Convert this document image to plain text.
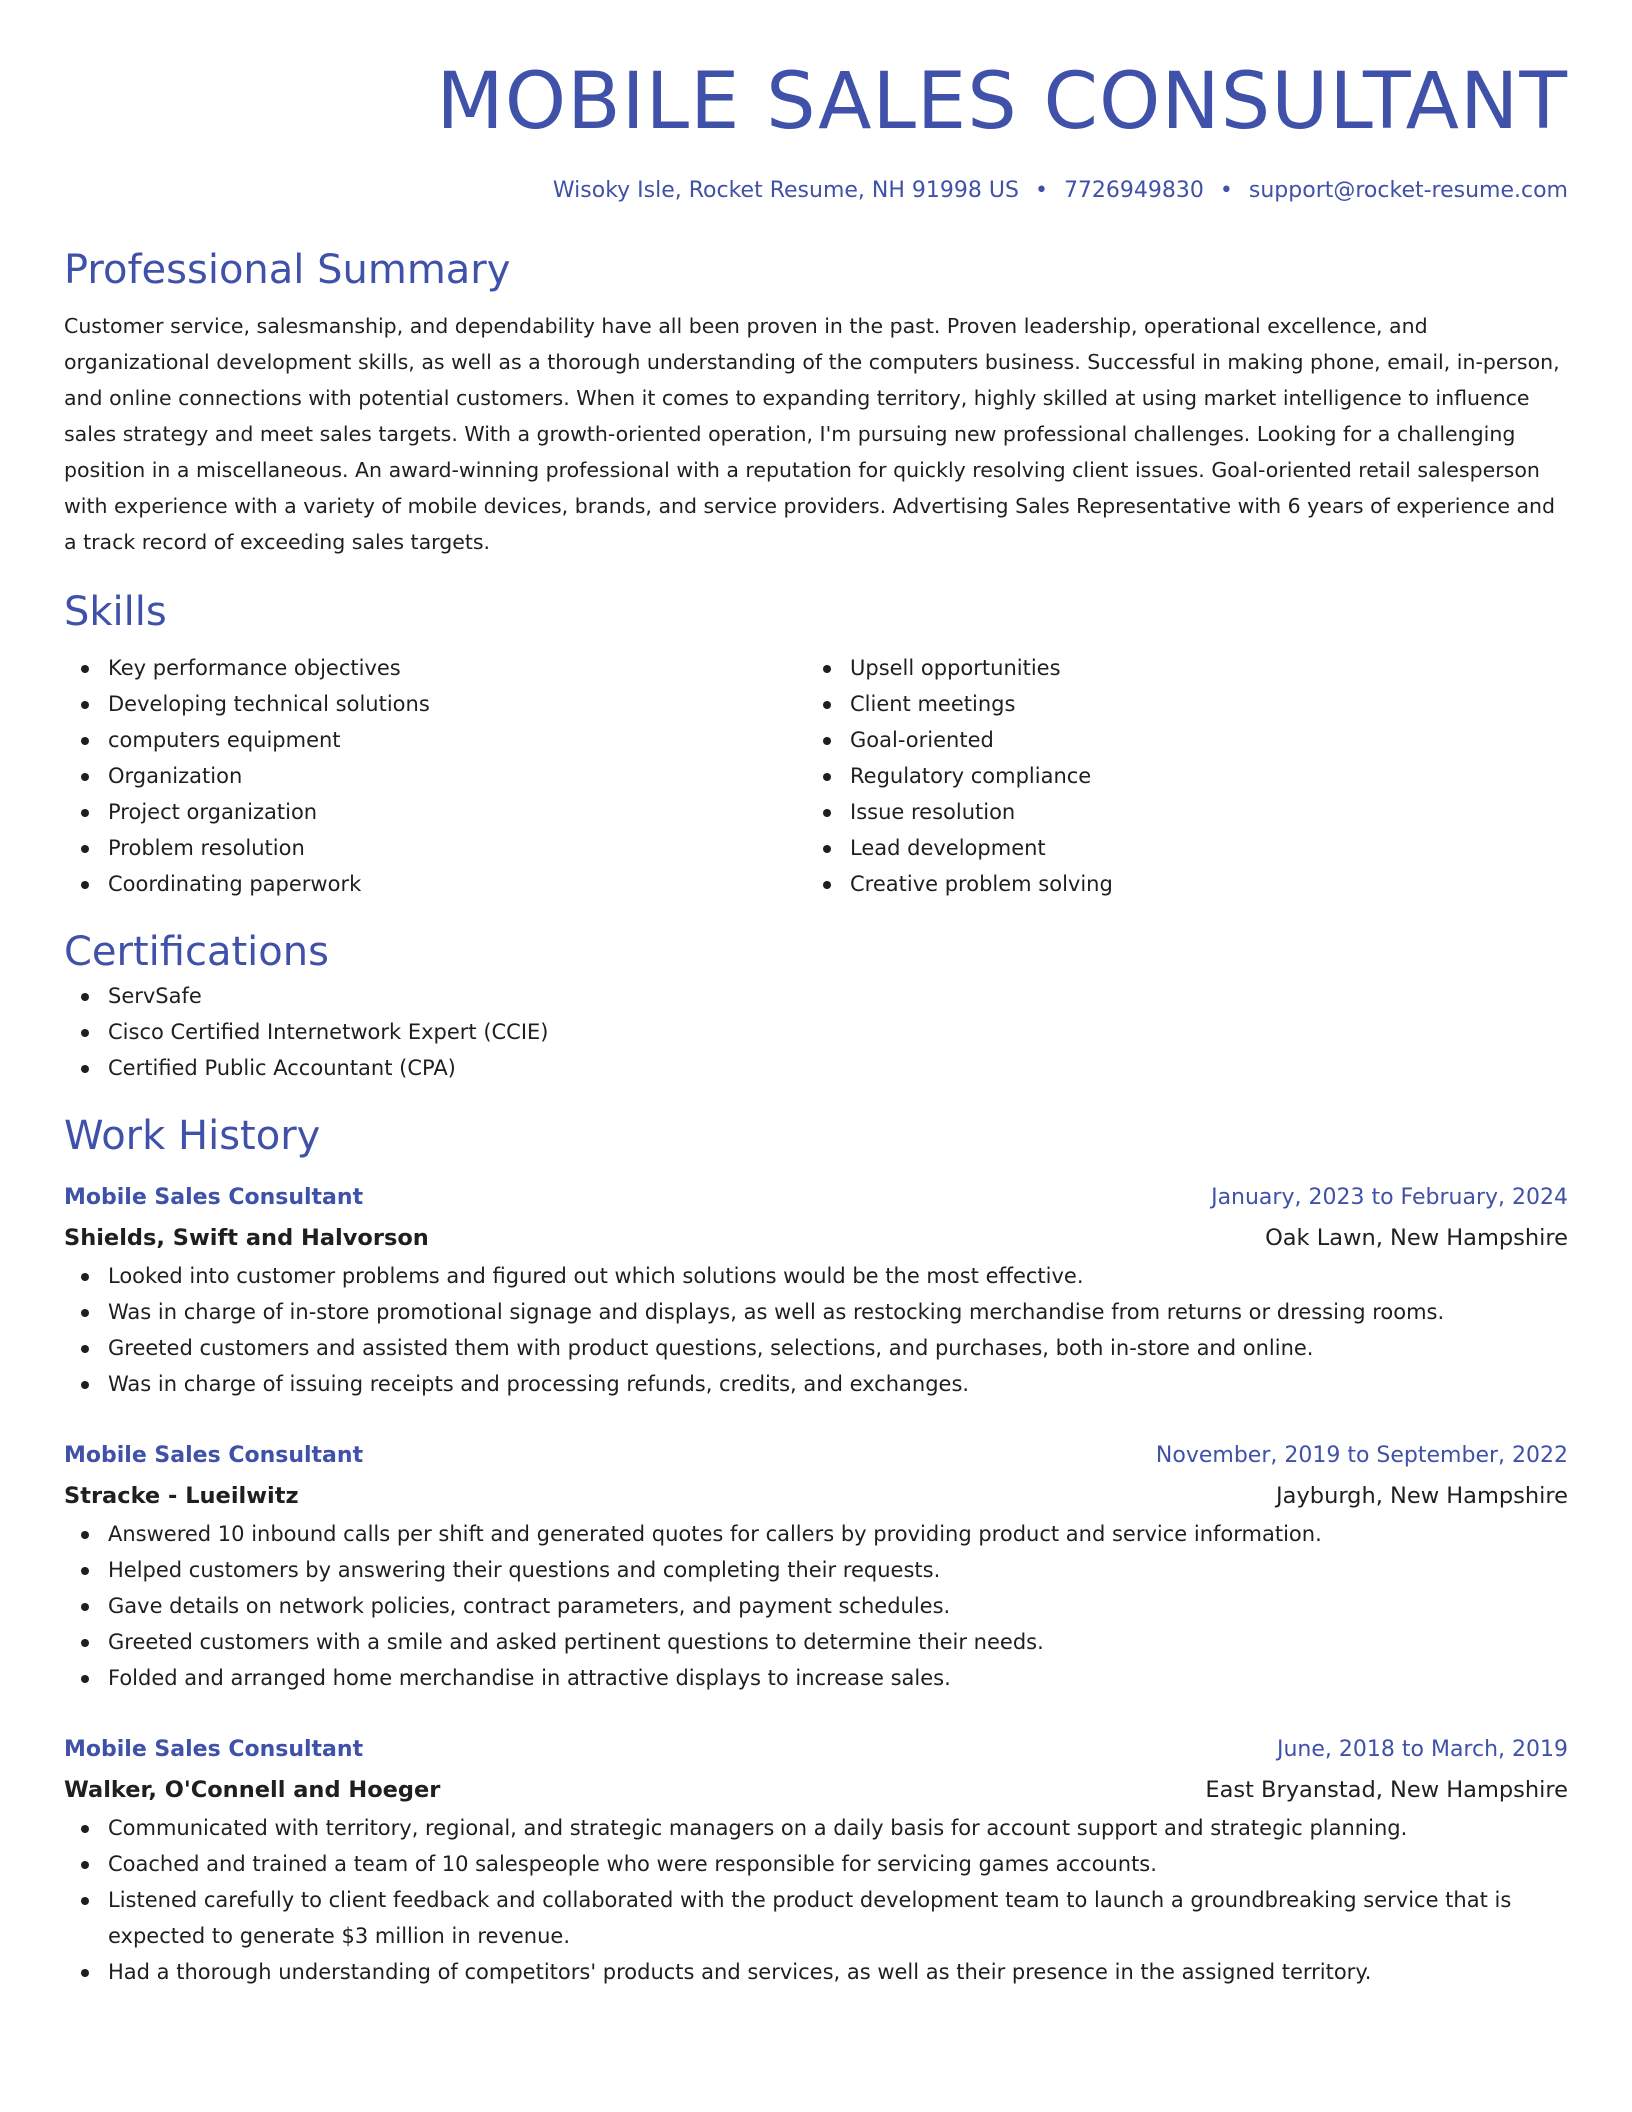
MOBILE SALES CONSULTANT
Wisoky Isle, Rocket Resume, NH 91998 US • 7726949830 • support@rocket-resume.com
Professional Summary
Customer service, salesmanship, and dependability have all been proven in the past. Proven leadership, operational excellence, and organizational development skills, as well as a thorough understanding of the computers business. Successful in making phone, email, in-person, and online connections with potential customers. When it comes to expanding territory, highly skilled at using market intelligence to influence sales strategy and meet sales targets. With a growth-oriented operation, I'm pursuing new professional challenges. Looking for a challenging position in a miscellaneous. An award-winning professional with a reputation for quickly resolving client issues. Goal-oriented retail salesperson with experience with a variety of mobile devices, brands, and service providers. Advertising Sales Representative with 6 years of experience and a track record of exceeding sales targets.
Skills
Key performance objectives
Developing technical solutions
computers equipment
Organization
Project organization
Problem resolution
Coordinating paperwork
Upsell opportunities
Client meetings
Goal-oriented
Regulatory compliance
Issue resolution
Lead development
Creative problem solving
Certifications
ServSafe
Cisco Certified Internetwork Expert (CCIE)
Certified Public Accountant (CPA)
Work History
Mobile Sales Consultant	January, 2023 to February, 2024
Shields, Swift and Halvorson	Oak Lawn, New Hampshire
Looked into customer problems and figured out which solutions would be the most effective.
Was in charge of in-store promotional signage and displays, as well as restocking merchandise from returns or dressing rooms.
Greeted customers and assisted them with product questions, selections, and purchases, both in-store and online.
Was in charge of issuing receipts and processing refunds, credits, and exchanges.
Mobile Sales Consultant	November, 2019 to September, 2022
Stracke - Lueilwitz	Jayburgh, New Hampshire
Answered 10 inbound calls per shift and generated quotes for callers by providing product and service information.
Helped customers by answering their questions and completing their requests.
Gave details on network policies, contract parameters, and payment schedules.
Greeted customers with a smile and asked pertinent questions to determine their needs.
Folded and arranged home merchandise in attractive displays to increase sales.
Mobile Sales Consultant	June, 2018 to March, 2019
Walker, O'Connell and Hoeger	East Bryanstad, New Hampshire
Communicated with territory, regional, and strategic managers on a daily basis for account support and strategic planning.
Coached and trained a team of 10 salespeople who were responsible for servicing games accounts.
Listened carefully to client feedback and collaborated with the product development team to launch a groundbreaking service that is expected to generate $3 million in revenue.
Had a thorough understanding of competitors' products and services, as well as their presence in the assigned territory.
